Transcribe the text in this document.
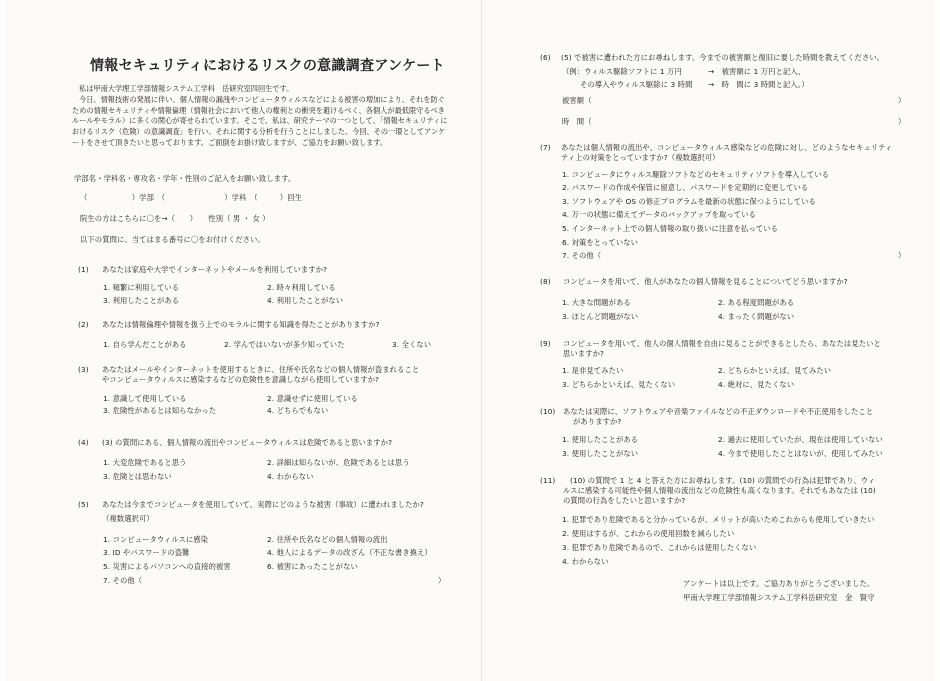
情報セキュリティにおけるリスクの意識調査アンケート

私は甲南大学理工学部情報システム工学科　岳研究室四回生です。

今日、情報技術の発展に伴い、個人情報の漏洩やコンピュータウィルスなどによる被害の増加により、それを防ぐための情報セキュリティや情報倫理（情報社会において他人の権利との衝突を避けるべく、各個人が最低限守るべきルールやモラル）に多くの関心が寄せられています。そこで、私は、研究テーマの一つとして、「情報セキュリティにおけるリスク（危険）の意識調査」を行い、それに関する分析を行うことにしました。今回、その一環としてアンケートをさせて頂きたいと思っております。ご面倒をお掛け致しますが、ご協力をお願い致します。

学部名・学科名・専攻名・学年・性別のご記入をお願い致します。
（　　　　　　）学部　（　　　　　　　　）学科　（　　　）回生
院生の方はこちらに〇を→（　　）　　性別（ 男 ・ 女 ）
以下の質問に、当てはまる番号に〇をお付けください。
(1) あなたは家庭や大学でインターネットやメールを利用していますか?
1. 頻繁に利用している	2. 時々利用している
3. 利用したことがある	4. 利用したことがない
(2) あなたは情報倫理や情報を扱う上でのモラルに関する知識を得たことがありますか?
1. 自ら学んだことがある	2. 学んではいないが多少知っていた	3. 全くない
(3) あなたはメールやインターネットを使用するときに、住所や氏名などの個人情報が盗まれること
やコンピュータウィルスに感染するなどの危険性を意識しながら使用していますか?
1. 意識して使用している	2. 意識せずに使用している
3. 危険性があるとは知らなかった	4. どちらでもない
(4) (3) の質問にある、個人情報の流出やコンピュータウィルスは危険であると思いますか?
1. 大変危険であると思う	2. 詳細は知らないが、危険であるとは思う
3. 危険とは思わない	4. わからない
(5) あなたは今までコンピュータを使用していて、実際にどのような被害（事故）に遭われましたか?
（複数選択可）
1. コンピュータウィルスに感染	2. 住所や氏名などの個人情報の流出
3. ID やパスワードの盗難	4. 他人によるデータの改ざん（不正な書き換え）
5. 災害によるパソコンへの直接的被害	6. 被害にあったことがない
7. その他（	）
(6) (5) で被害に遭われた方にお尋ねします。今までの被害額と復旧に要した時間を教えてください。
（例：ウィルス駆除ソフトに 1 万円	→　被害額に 1 万円と記入、
その導入やウィルス駆除に 3 時間 →　時　間に 3 時間と記入。）
被害額（	）
時　間（	）
(7) あなたは個人情報の流出や、コンピュータウィルス感染などの危険に対し、どのようなセキュリティ
ティ上の対策をとっていますか?（複数選択可）
1. コンピュータにウィルス駆除ソフトなどのセキュリティソフトを導入している
2. パスワードの作成や保管に留意し、パスワードを定期的に変更している
3. ソフトウェアや OS の修正プログラムを最新の状態に保つようにしている
4. 万一の状態に備えてデータのバックアップを取っている
5. インターネット上での個人情報の取り扱いに注意を払っている
6. 対策をとっていない
7. その他（	）
(8) コンピュータを用いて、他人があなたの個人情報を見ることについてどう思いますか?
1. 大きな問題がある	2. ある程度問題がある
3. ほとんど問題がない	4. まったく問題がない
(9) コンピュータを用いて、他人の個人情報を自由に見ることができるとしたら、あなたは見たいと
思いますか?
1. 是非見てみたい	2. どちらかといえば、見てみたい
3. どちらかといえば、見たくない	4. 絶対に、見たくない
(10) あなたは実際に、ソフトウェアや音楽ファイルなどの不正ダウンロードや不正使用をしたこと
がありますか?
1. 使用したことがある	2. 過去に使用していたが、現在は使用していない
3. 使用したことがない	4. 今まで使用したことはないが、使用してみたい
(11) (10) の質問で 1 と 4 と答えた方にお尋ねします。(10) の質問での行為は犯罪であり、ウィ
ルスに感染する可能性や個人情報の流出などの危険性も高くなります。それでもあなたは (10)
の質問の行為をしたいと思いますか?
1. 犯罪であり危険であると分かっているが、メリットが高いためこれからも使用していきたい
2. 使用はするが、これからの使用回数を減らしたい
3. 犯罪であり危険であるので、これからは使用したくない
4. わからない
アンケートは以上です。ご協力ありがとうございました。
甲南大学理工学部情報システム工学科岳研究室　金　賢守
